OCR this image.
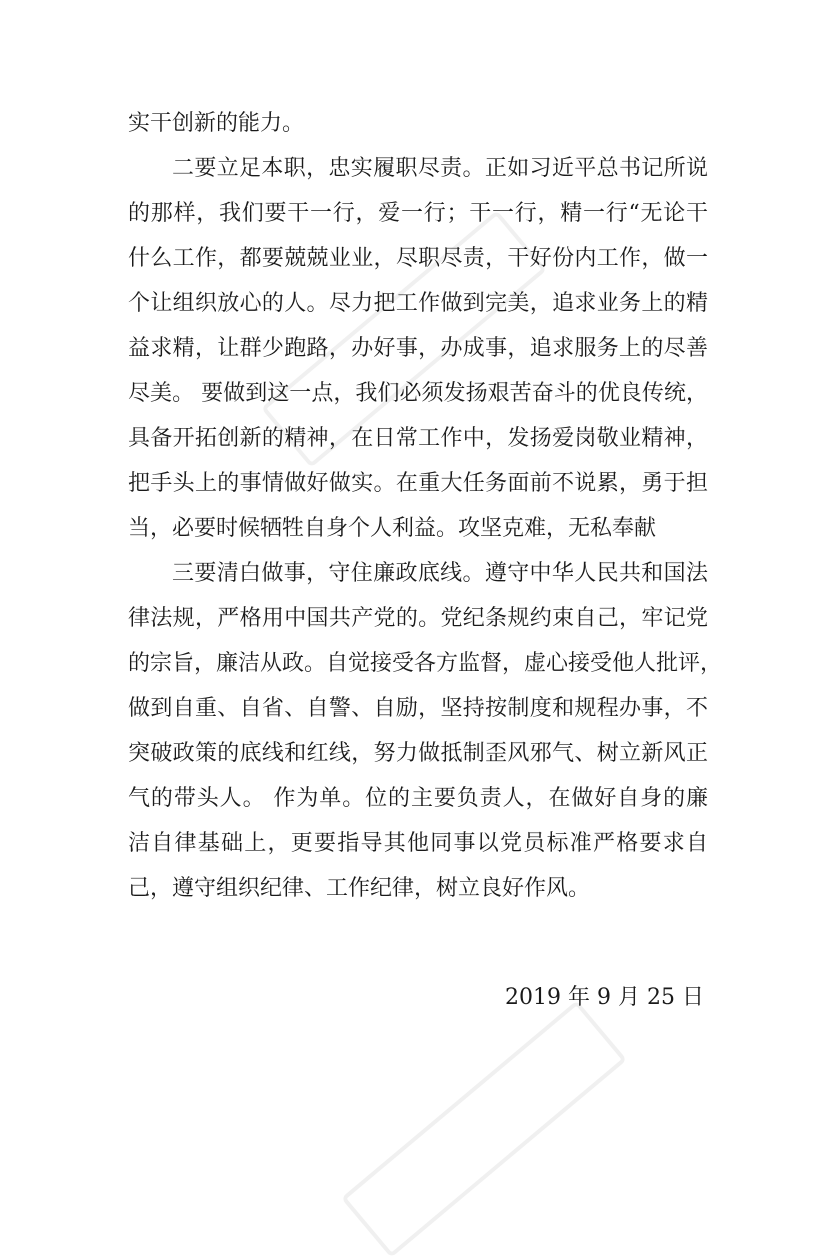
实干创新的能力。
二要立足本职，忠实履职尽责。正如习近平总书记所说
的那样，我们要干一行，爱一行；干一行，精一行“无论干
什么工作，都要兢兢业业，尽职尽责，干好份内工作，做一
个让组织放心的人。尽力把工作做到完美，追求业务上的精
益求精，让群少跑路，办好事，办成事，追求服务上的尽善
尽美。 要做到这一点，我们必须发扬艰苦奋斗的优良传统，
具备开拓创新的精神，在日常工作中，发扬爱岗敬业精神，
把手头上的事情做好做实。在重大任务面前不说累，勇于担
当，必要时候牺牲自身个人利益。攻坚克难，无私奉献
三要清白做事，守住廉政底线。遵守中华人民共和国法
律法规，严格用中国共产党的。党纪条规约束自己，牢记党
的宗旨，廉洁从政。自觉接受各方监督，虚心接受他人批评，
做到自重、自省、自警、自励，坚持按制度和规程办事，不
突破政策的底线和红线，努力做抵制歪风邪气、树立新风正
气的带头人。 作为单。位的主要负责人，在做好自身的廉
洁自律基础上，更要指导其他同事以党员标准严格要求自
己，遵守组织纪律、工作纪律，树立良好作风。
2019 年 9 月 25 日
